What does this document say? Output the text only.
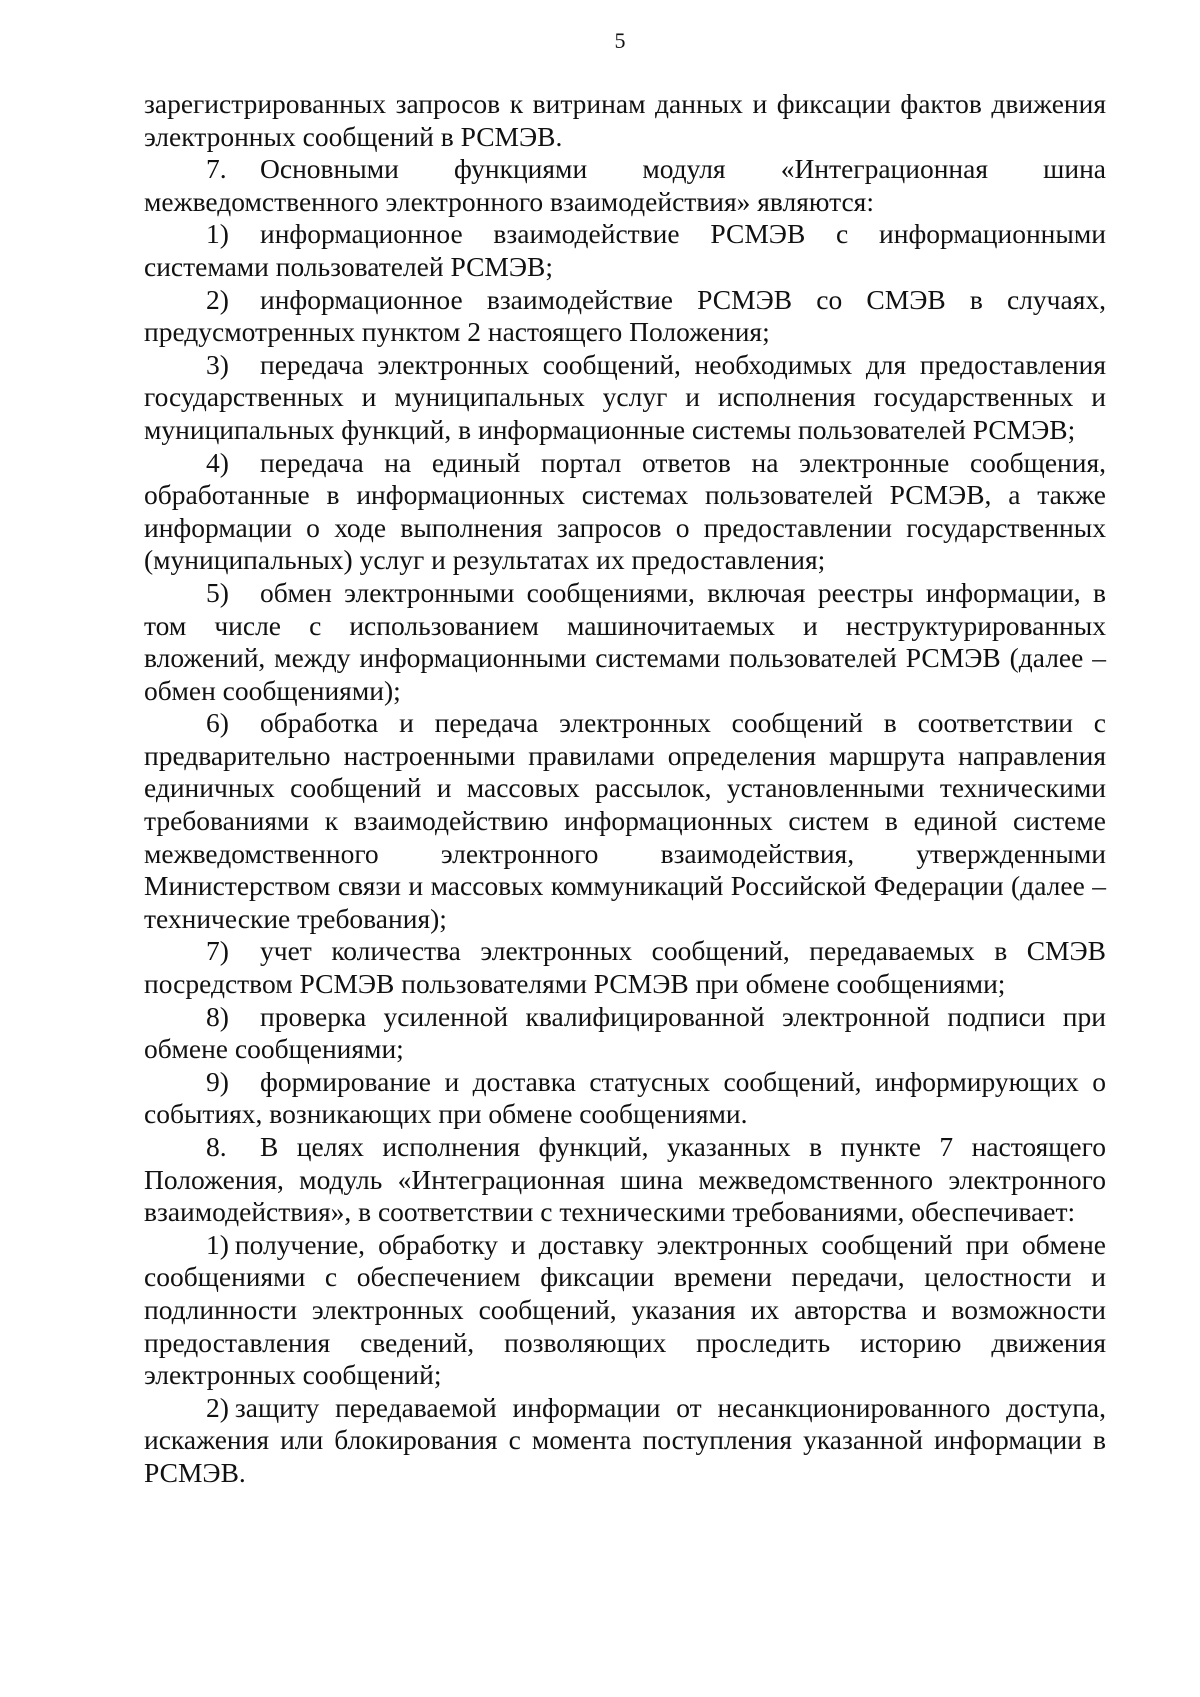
5

зарегистрированных запросов к витринам данных и фиксации фактов движения электронных сообщений в РСМЭВ.

7. Основными функциями модуля «Интеграционная шина межведомственного электронного взаимодействия» являются:

1) информационное взаимодействие РСМЭВ с информационными системами пользователей РСМЭВ;

2) информационное взаимодействие РСМЭВ со СМЭВ в случаях, предусмотренных пунктом 2 настоящего Положения;

3) передача электронных сообщений, необходимых для предоставления государственных и муниципальных услуг и исполнения государственных и муниципальных функций, в информационные системы пользователей РСМЭВ;

4) передача на единый портал ответов на электронные сообщения, обработанные в информационных системах пользователей РСМЭВ, а также информации о ходе выполнения запросов о предоставлении государственных (муниципальных) услуг и результатах их предоставления;

5) обмен электронными сообщениями, включая реестры информации, в том числе с использованием машиночитаемых и неструктурированных вложений, между информационными системами пользователей РСМЭВ (далее – обмен сообщениями);

6) обработка и передача электронных сообщений в соответствии с предварительно настроенными правилами определения маршрута направления единичных сообщений и массовых рассылок, установленными техническими требованиями к взаимодействию информационных систем в единой системе межведомственного электронного взаимодействия, утвержденными Министерством связи и массовых коммуникаций Российской Федерации (далее – технические требования);

7) учет количества электронных сообщений, передаваемых в СМЭВ посредством РСМЭВ пользователями РСМЭВ при обмене сообщениями;

8) проверка усиленной квалифицированной электронной подписи при обмене сообщениями;

9) формирование и доставка статусных сообщений, информирующих о событиях, возникающих при обмене сообщениями.

8. В целях исполнения функций, указанных в пункте 7 настоящего Положения, модуль «Интеграционная шина межведомственного электронного взаимодействия», в соответствии с техническими требованиями, обеспечивает:

1) получение, обработку и доставку электронных сообщений при обмене сообщениями с обеспечением фиксации времени передачи, целостности и подлинности электронных сообщений, указания их авторства и возможности предоставления сведений, позволяющих проследить историю движения электронных сообщений;

2) защиту передаваемой информации от несанкционированного доступа, искажения или блокирования с момента поступления указанной информации в РСМЭВ.
